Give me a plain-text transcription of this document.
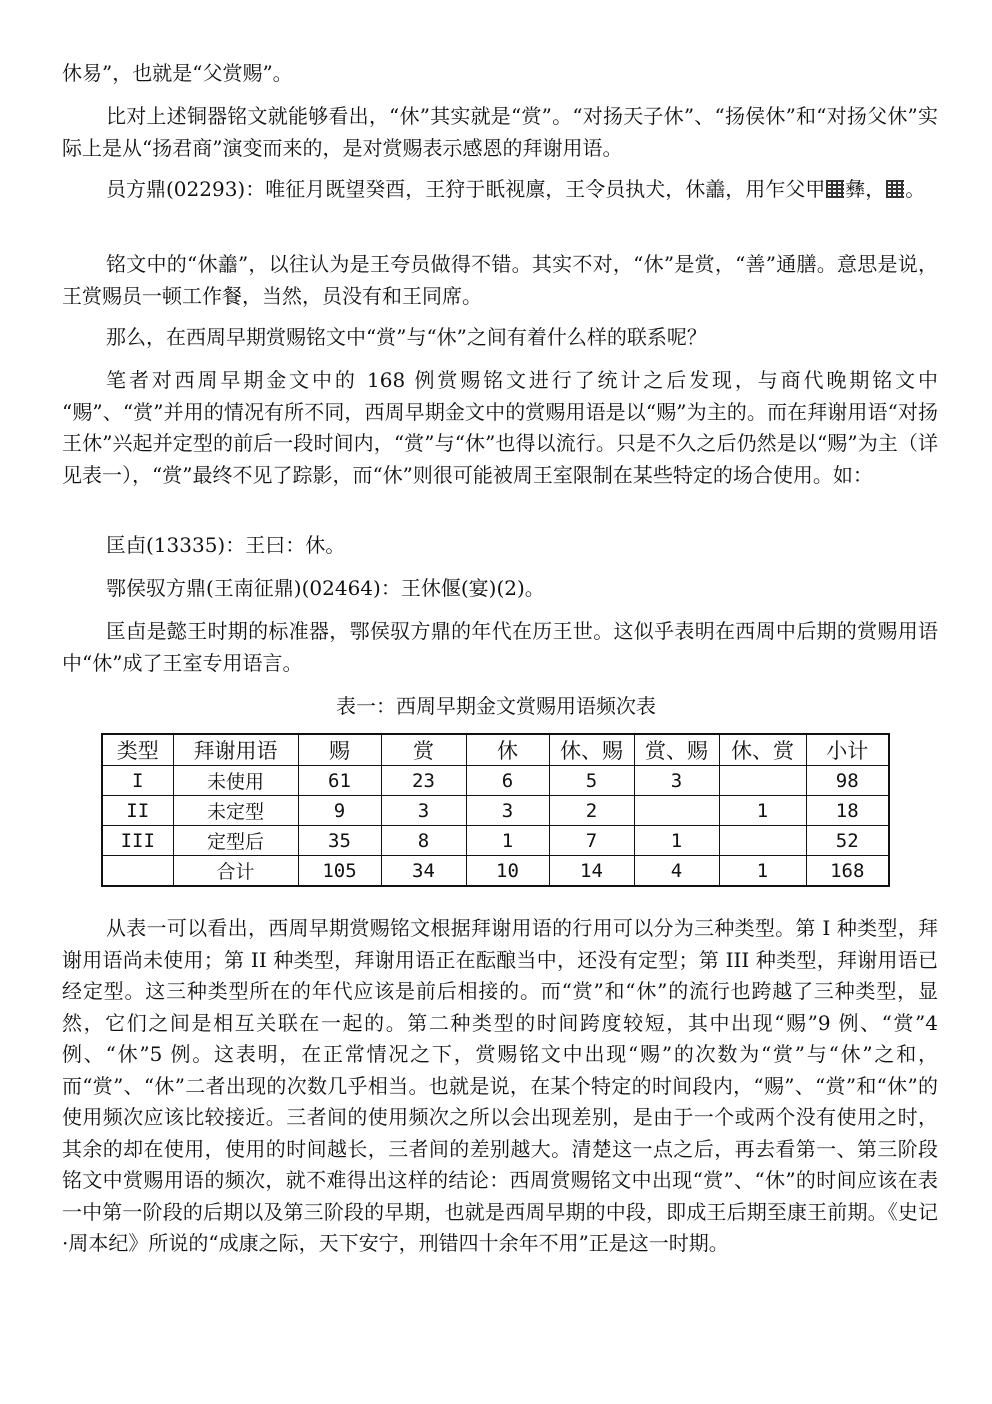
休易”，也就是“父赏赐”。

比对上述铜器铭文就能够看出，“休”其实就是“赏”。“对扬天子休”、“扬侯休”和“对扬父休”实际上是从“扬君商”演变而来的，是对赏赐表示感恩的拜谢用语。

员方鼎(02293)：唯征月既望癸酉，王狩于眂视廪，王令员执犬，休譱，用乍父甲 彝， 。

铭文中的“休譱”，以往认为是王夸员做得不错。其实不对，“休”是赏，“善”通膳。意思是说，王赏赐员一顿工作餐，当然，员没有和王同席。

那么，在西周早期赏赐铭文中“赏”与“休”之间有着什么样的联系呢？

笔者对西周早期金文中的 168 例赏赐铭文进行了统计之后发现，与商代晚期铭文中 “赐”、“赏”并用的情况有所不同，西周早期金文中的赏赐用语是以“赐”为主的。而在拜谢用语“对扬王休”兴起并定型的前后一段时间内，“赏”与“休”也得以流行。只是不久之后仍然是以“赐”为主（详见表一），“赏”最终不见了踪影，而“休”则很可能被周王室限制在某些特定的场合使用。如：

匡卣(13335)：王曰：休。

鄂侯驭方鼎(王南征鼎)(02464)：王休偃(宴)(2)。

匡卣是懿王时期的标准器，鄂侯驭方鼎的年代在历王世。这似乎表明在西周中后期的赏赐用语中“休”成了王室专用语言。

表一：西周早期金文赏赐用语频次表
类型	拜谢用语	赐	赏	休	休、赐	赏、赐	休、赏	小计
I	未使用	61	23	6	5	3		98
II	未定型	9	3	3	2		1	18
III	定型后	35	8	1	7	1		52
	合计	105	34	10	14	4	1	168

从表一可以看出，西周早期赏赐铭文根据拜谢用语的行用可以分为三种类型。第 I 种类型，拜谢用语尚未使用；第 II 种类型，拜谢用语正在酝酿当中，还没有定型；第 III 种类型，拜谢用语已经定型。这三种类型所在的年代应该是前后相接的。而“赏”和“休”的流行也跨越了三种类型，显然，它们之间是相互关联在一起的。第二种类型的时间跨度较短，其中出现“赐”9 例、“赏”4 例、“休”5 例。这表明，在正常情况之下，赏赐铭文中出现“赐”的次数为“赏”与“休”之和，而“赏”、“休”二者出现的次数几乎相当。也就是说，在某个特定的时间段内，“赐”、“赏”和“休”的使用频次应该比较接近。三者间的使用频次之所以会出现差别，是由于一个或两个没有使用之时，其余的却在使用，使用的时间越长，三者间的差别越大。清楚这一点之后，再去看第一、第三阶段铭文中赏赐用语的频次，就不难得出这样的结论：西周赏赐铭文中出现“赏”、“休”的时间应该在表一中第一阶段的后期以及第三阶段的早期，也就是西周早期的中段，即成王后期至康王前期。《史记·周本纪》所说的“成康之际，天下安宁，刑错四十余年不用”正是这一时期。
